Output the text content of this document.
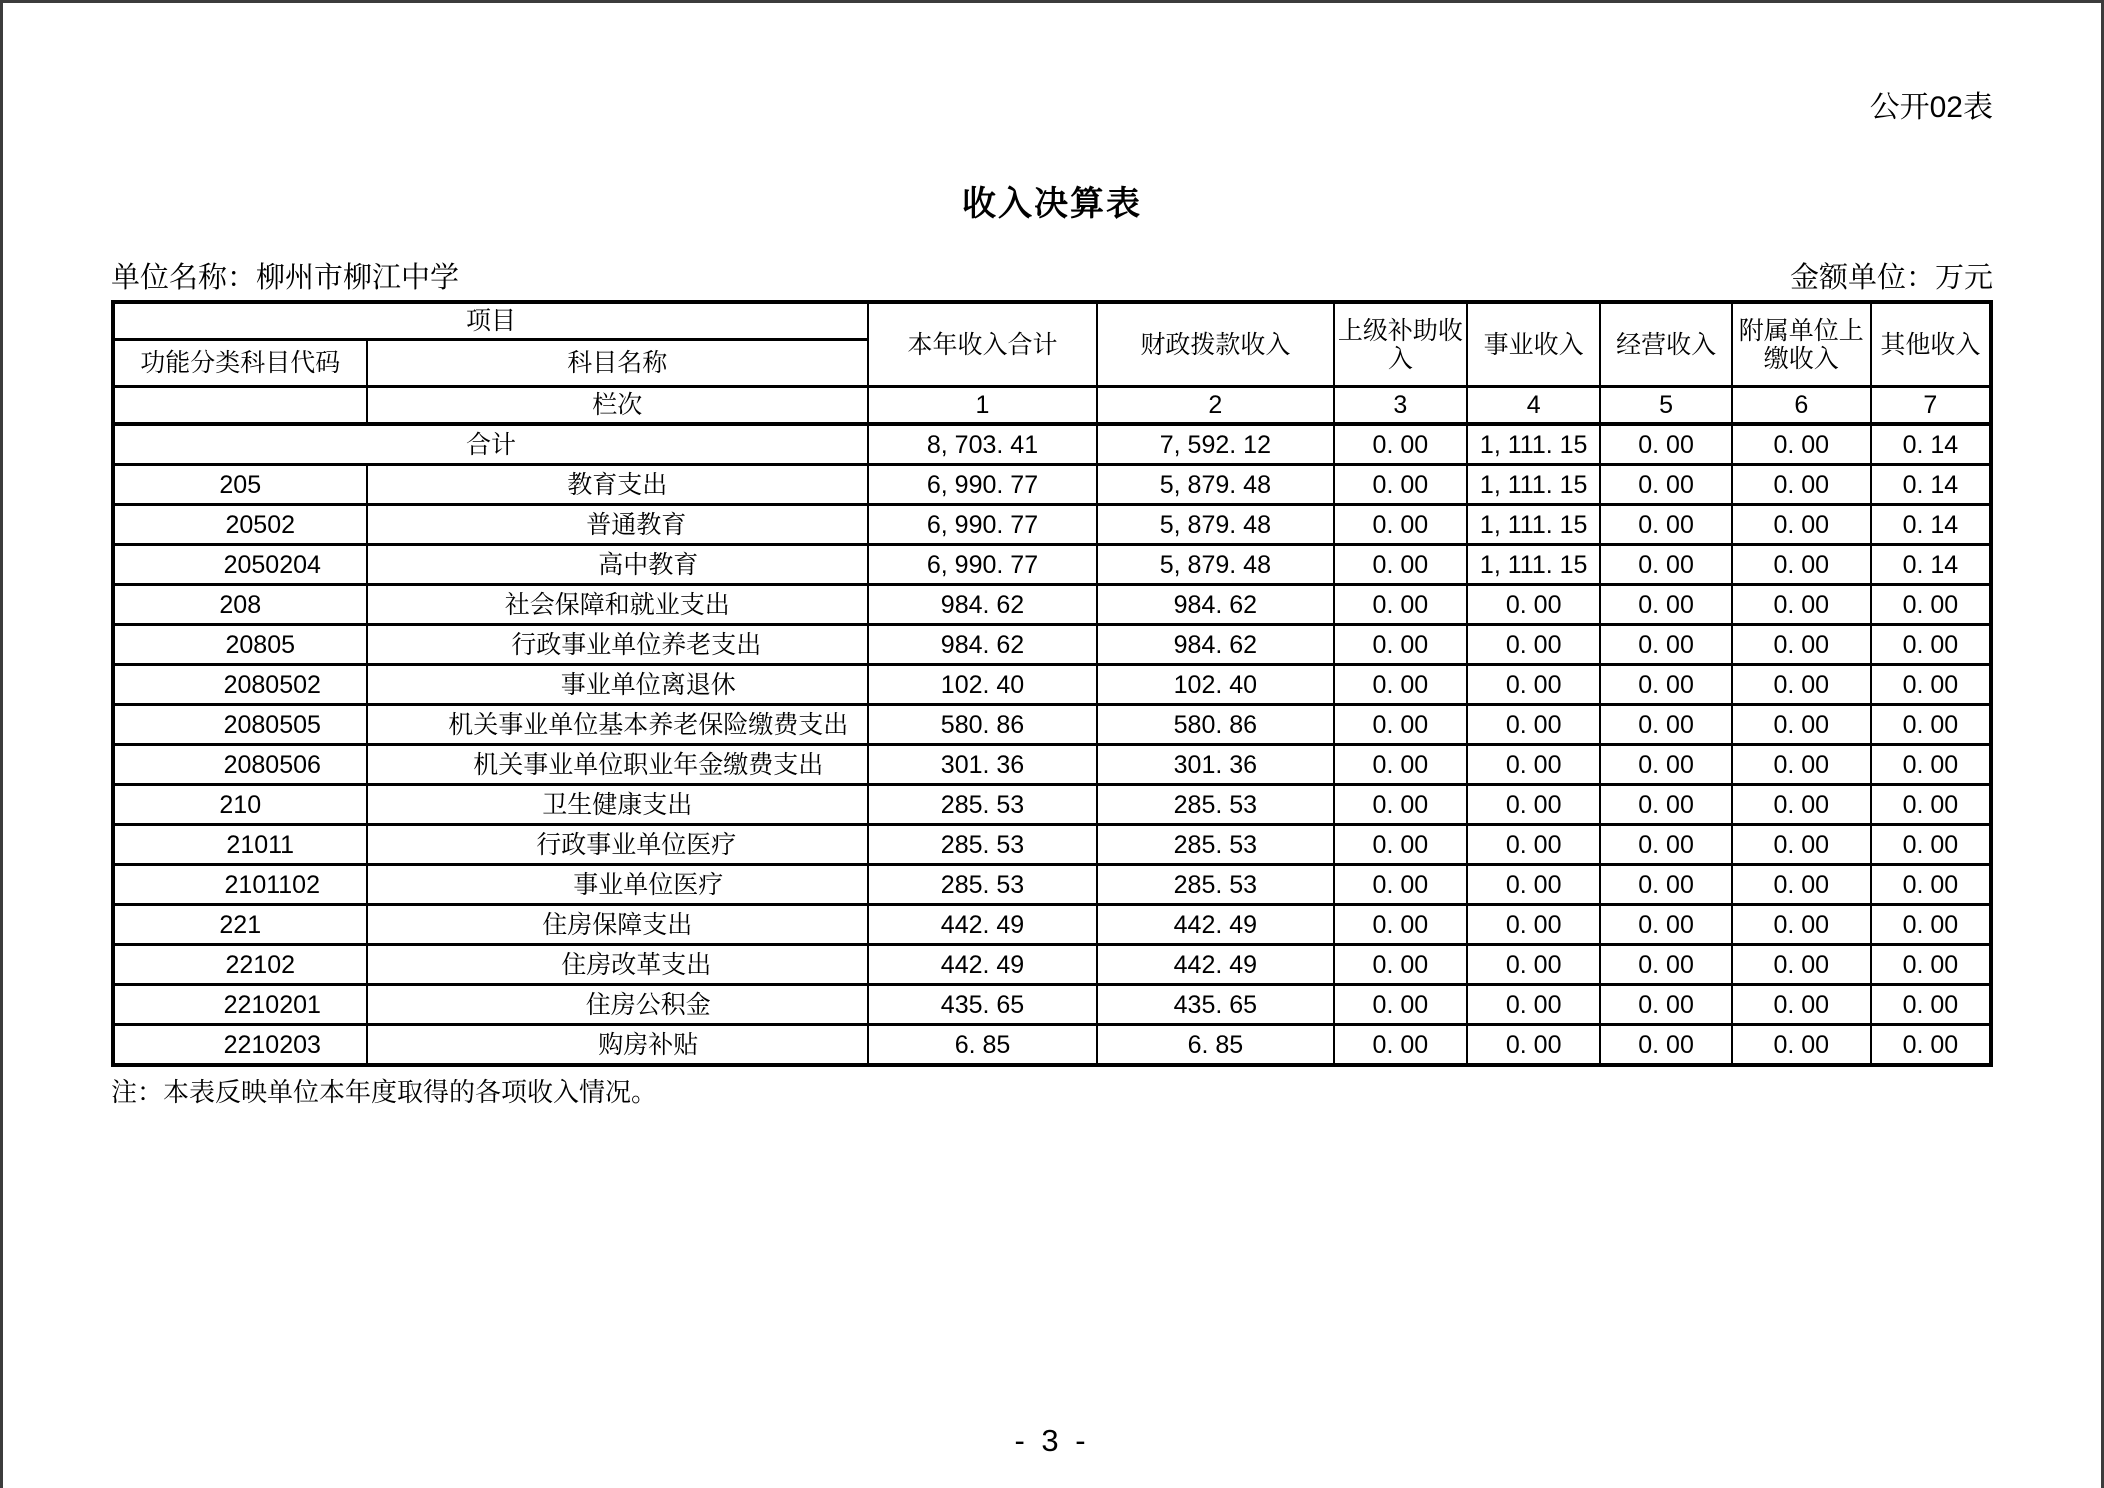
公开02表
收入决算表
单位名称：柳州市柳江中学	金额单位：万元
项目		本年收入合计	财政拨款收入	上级补助收入	事业收入	经营收入	附属单位上缴收入	其他收入
功能分类科目代码	科目名称							
	栏次	1	2	3	4	5	6	7
合计		8, 703. 41	7, 592. 12	0. 00	1, 111. 15	0. 00	0. 00	0. 14
205	教育支出	6, 990. 77	5, 879. 48	0. 00	1, 111. 15	0. 00	0. 00	0. 14
20502	普通教育	6, 990. 77	5, 879. 48	0. 00	1, 111. 15	0. 00	0. 00	0. 14
2050204	高中教育	6, 990. 77	5, 879. 48	0. 00	1, 111. 15	0. 00	0. 00	0. 14
208	社会保障和就业支出	984. 62	984. 62	0. 00	0. 00	0. 00	0. 00	0. 00
20805	行政事业单位养老支出	984. 62	984. 62	0. 00	0. 00	0. 00	0. 00	0. 00
2080502	事业单位离退休	102. 40	102. 40	0. 00	0. 00	0. 00	0. 00	0. 00
2080505	机关事业单位基本养老保险缴费支出	580. 86	580. 86	0. 00	0. 00	0. 00	0. 00	0. 00
2080506	机关事业单位职业年金缴费支出	301. 36	301. 36	0. 00	0. 00	0. 00	0. 00	0. 00
210	卫生健康支出	285. 53	285. 53	0. 00	0. 00	0. 00	0. 00	0. 00
21011	行政事业单位医疗	285. 53	285. 53	0. 00	0. 00	0. 00	0. 00	0. 00
2101102	事业单位医疗	285. 53	285. 53	0. 00	0. 00	0. 00	0. 00	0. 00
221	住房保障支出	442. 49	442. 49	0. 00	0. 00	0. 00	0. 00	0. 00
22102	住房改革支出	442. 49	442. 49	0. 00	0. 00	0. 00	0. 00	0. 00
2210201	住房公积金	435. 65	435. 65	0. 00	0. 00	0. 00	0. 00	0. 00
2210203	购房补贴	6. 85	6. 85	0. 00	0. 00	0. 00	0. 00	0. 00
注：本表反映单位本年度取得的各项收入情况。
- 3 -
